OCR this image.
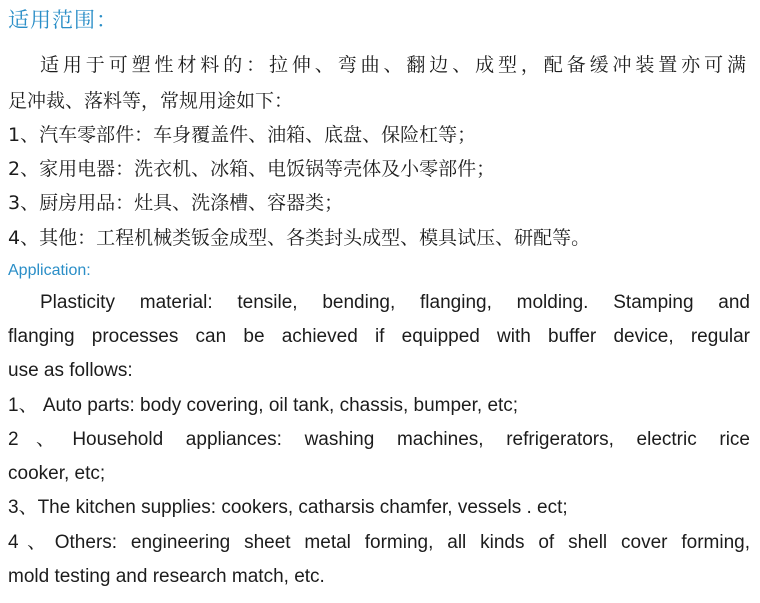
适用范围：
适用于可塑性材料的：拉伸、弯曲、翻边、成型，配备缓冲装置亦可满
足冲裁、落料等，常规用途如下：
1、汽车零部件：车身覆盖件、油箱、底盘、保险杠等；
2、家用电器：洗衣机、冰箱、电饭锅等壳体及小零部件；
3、厨房用品：灶具、洗涤槽、容器类；
4、其他：工程机械类钣金成型、各类封头成型、模具试压、研配等。
Application:
Plasticity material: tensile, bending, flanging, molding. Stamping and
flanging processes can be achieved if equipped with buffer device, regular
use as follows:
1、 Auto parts: body covering, oil tank, chassis, bumper, etc;
2、Household appliances: washing machines, refrigerators, electric rice
cooker, etc;
3、The kitchen supplies: cookers, catharsis chamfer, vessels . ect;
4、Others: engineering sheet metal forming, all kinds of shell cover forming,
mold testing and research match, etc.
